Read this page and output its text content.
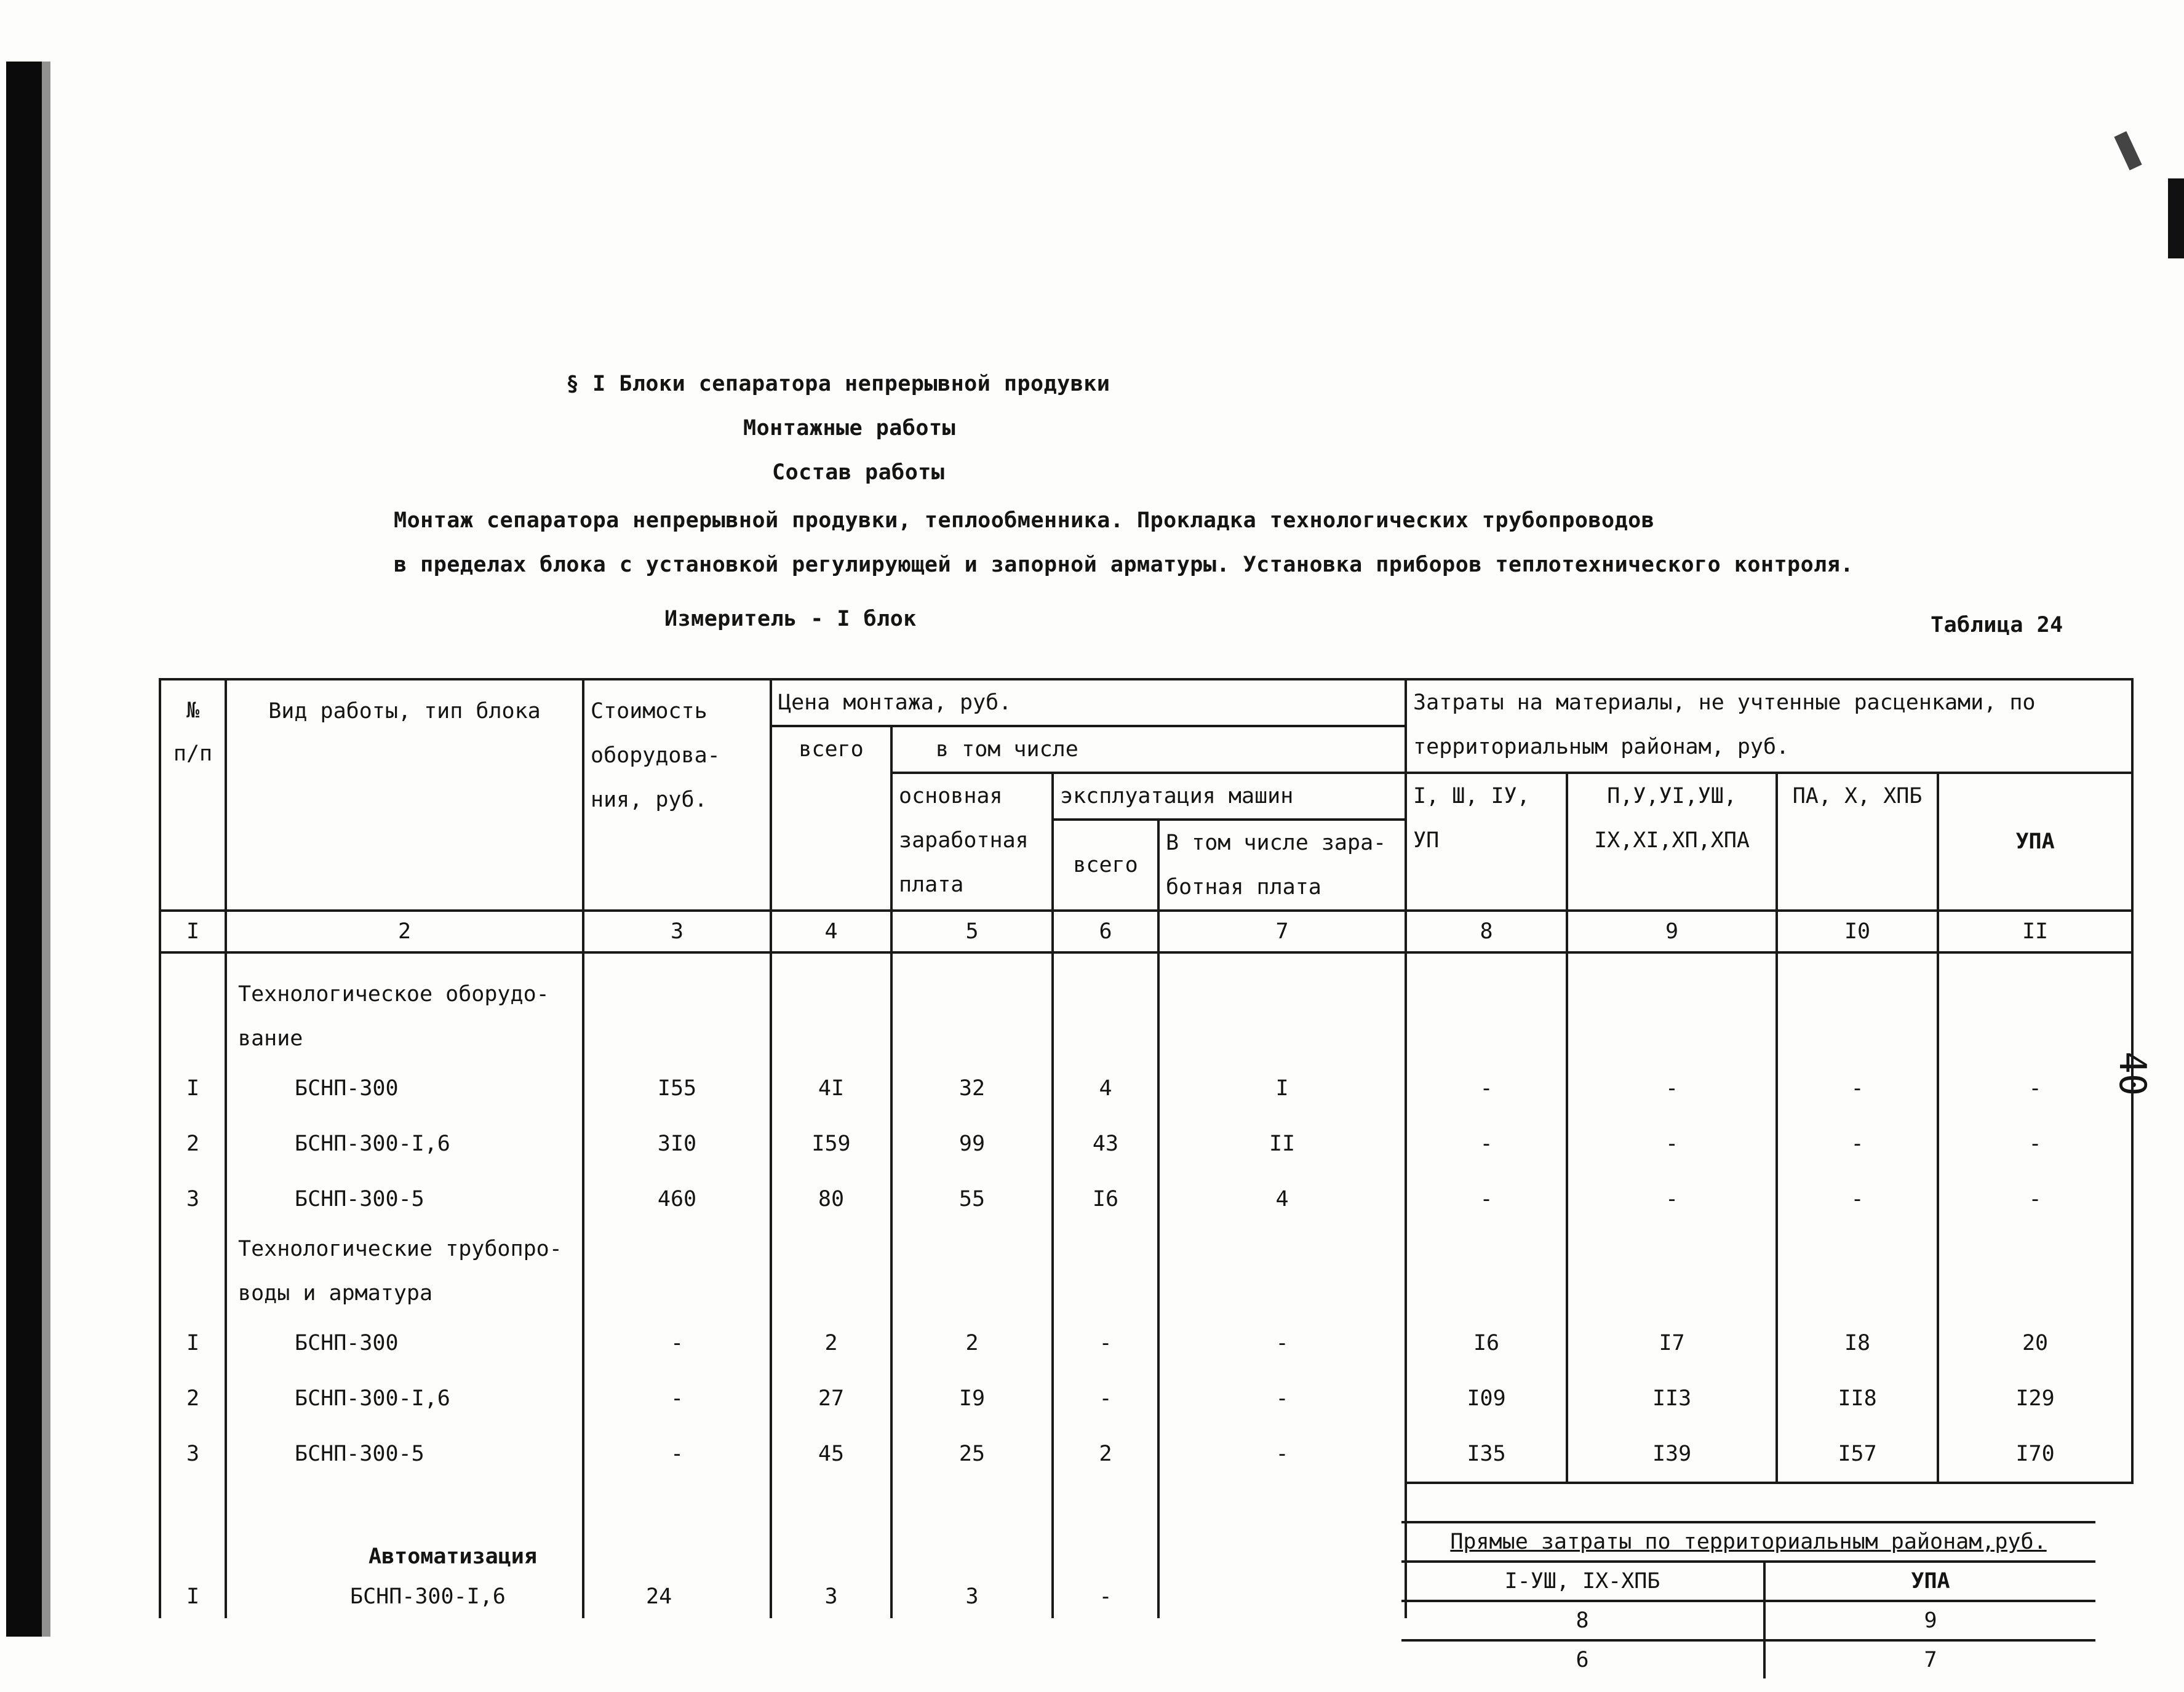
§ I Блоки сепаратора непрерывной продувки
Монтажные работы
Состав работы
Монтаж сепаратора непрерывной продувки, теплообменника. Прокладка технологических трубопроводов
в пределах блока с установкой регулирующей и запорной арматуры. Установка приборов теплотехнического контроля.
Измеритель - I блок	Таблица 24
40
№ п/п	Вид работы, тип блока	Стоимость оборудова- ния, руб.	Цена монтажа, руб.				Затраты на материалы, не учтенные расценками, по территориальным районам, руб.			
			всего	в том числе						
				основная заработная плата	эксплуатация машин		I, Ш, IУ, УП	П,У,УI,УШ, IX,XI,XП,XПА	ПА, X, XПБ	УПА
					всего	В том числе зара- ботная плата				
I	2	3	4	5	6	7	8	9	I0	II
	Технологическое оборудо- вание									
I	БСНП-300	I55	4I	32	4	I	-	-	-	-
2	БСНП-300-I,6	3I0	I59	99	43	II	-	-	-	-
3	БСНП-300-5	460	80	55	I6	4	-	-	-	-
	Технологические трубопро- воды и арматура									
I	БСНП-300	-	2	2	-	-	I6	I7	I8	20
2	БСНП-300-I,6	-	27	I9	-	-	I09	II3	II8	I29
3	БСНП-300-5	-	45	25	2	-	I35	I39	I57	I70
	Автоматизация									
I	БСНП-300-I,6	24	3	3	-					
Прямые затраты по территориальным районам,руб.	
I-УШ, IX-XПБ	УПА
8	9
6	7
